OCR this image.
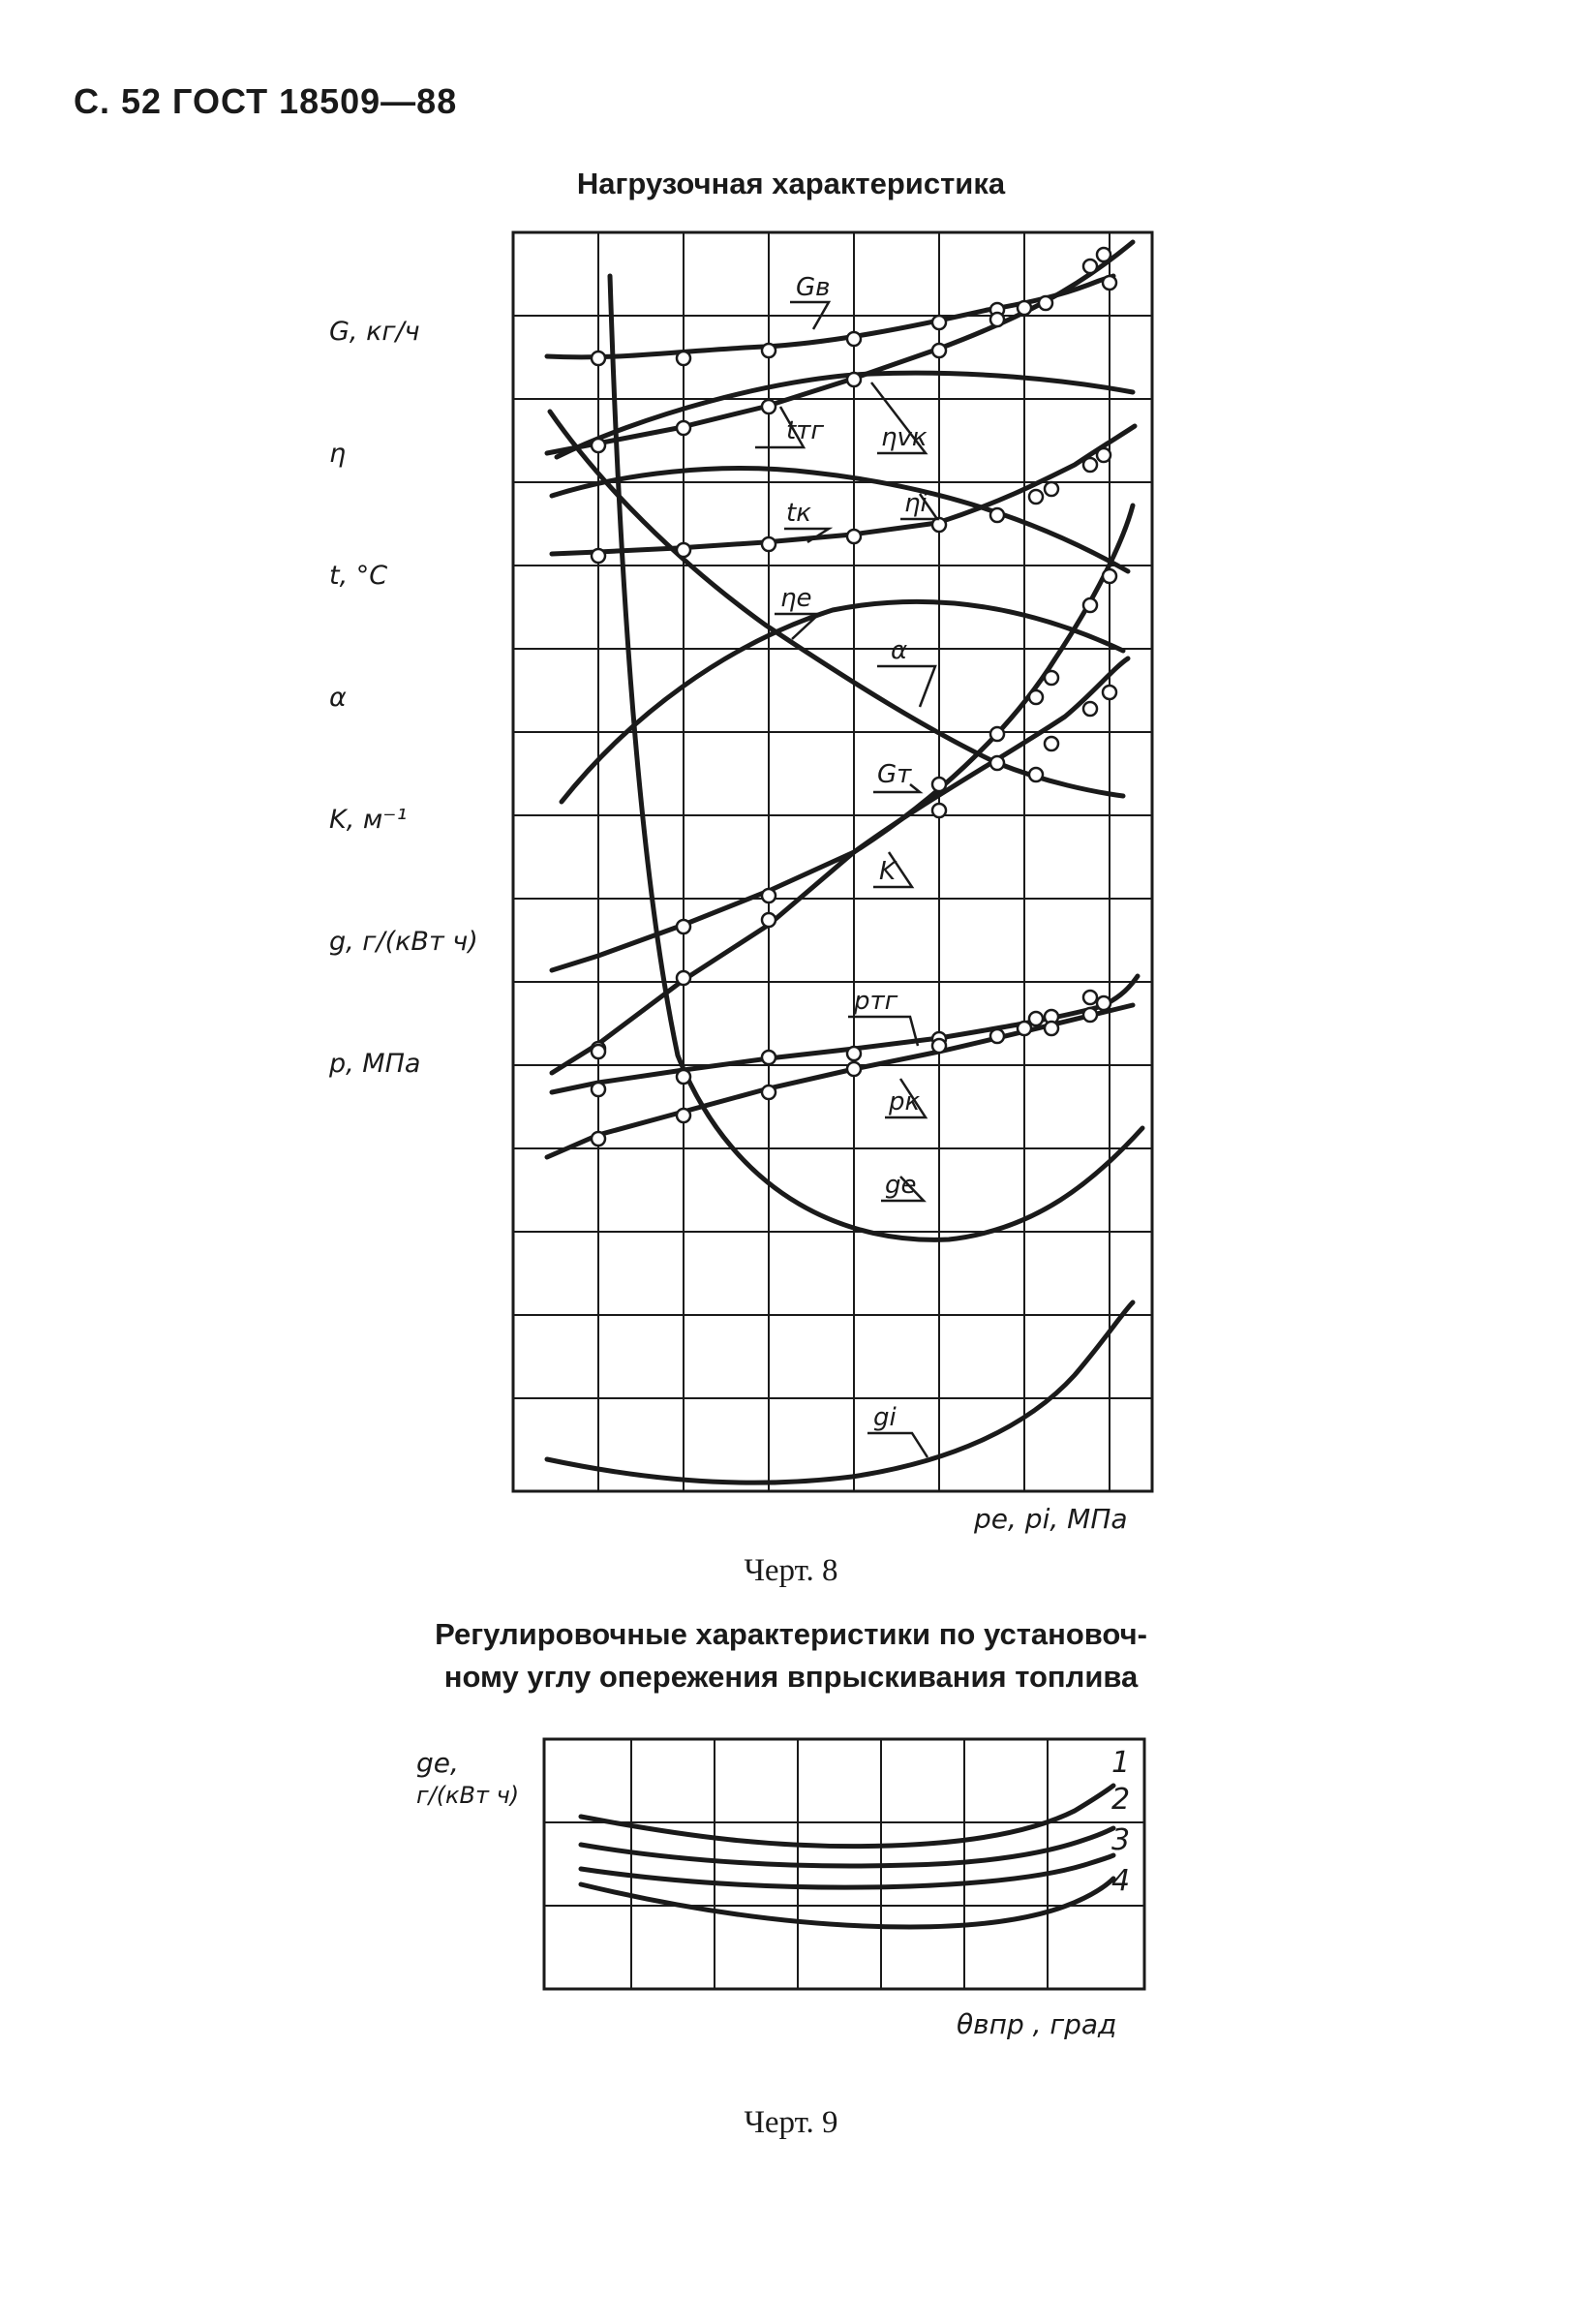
С. 52 ГОСТ 18509—88
Нагрузочная характеристика

G, кг/ч

η

t, °C

α

K, м⁻¹

g, г/(кВт ч)

p, МПа

Gв
tтг ηvк
tк	ηi
ηe
α
Gт
K
pтг
pк
ge
gi
pe, pi, МПа
1
2
3
4
θвпр , град
ge,
г/(кВт ч)
Черт. 8
Регулировочные характеристики по установоч-
ному углу опережения впрыскивания топлива
Черт. 9
